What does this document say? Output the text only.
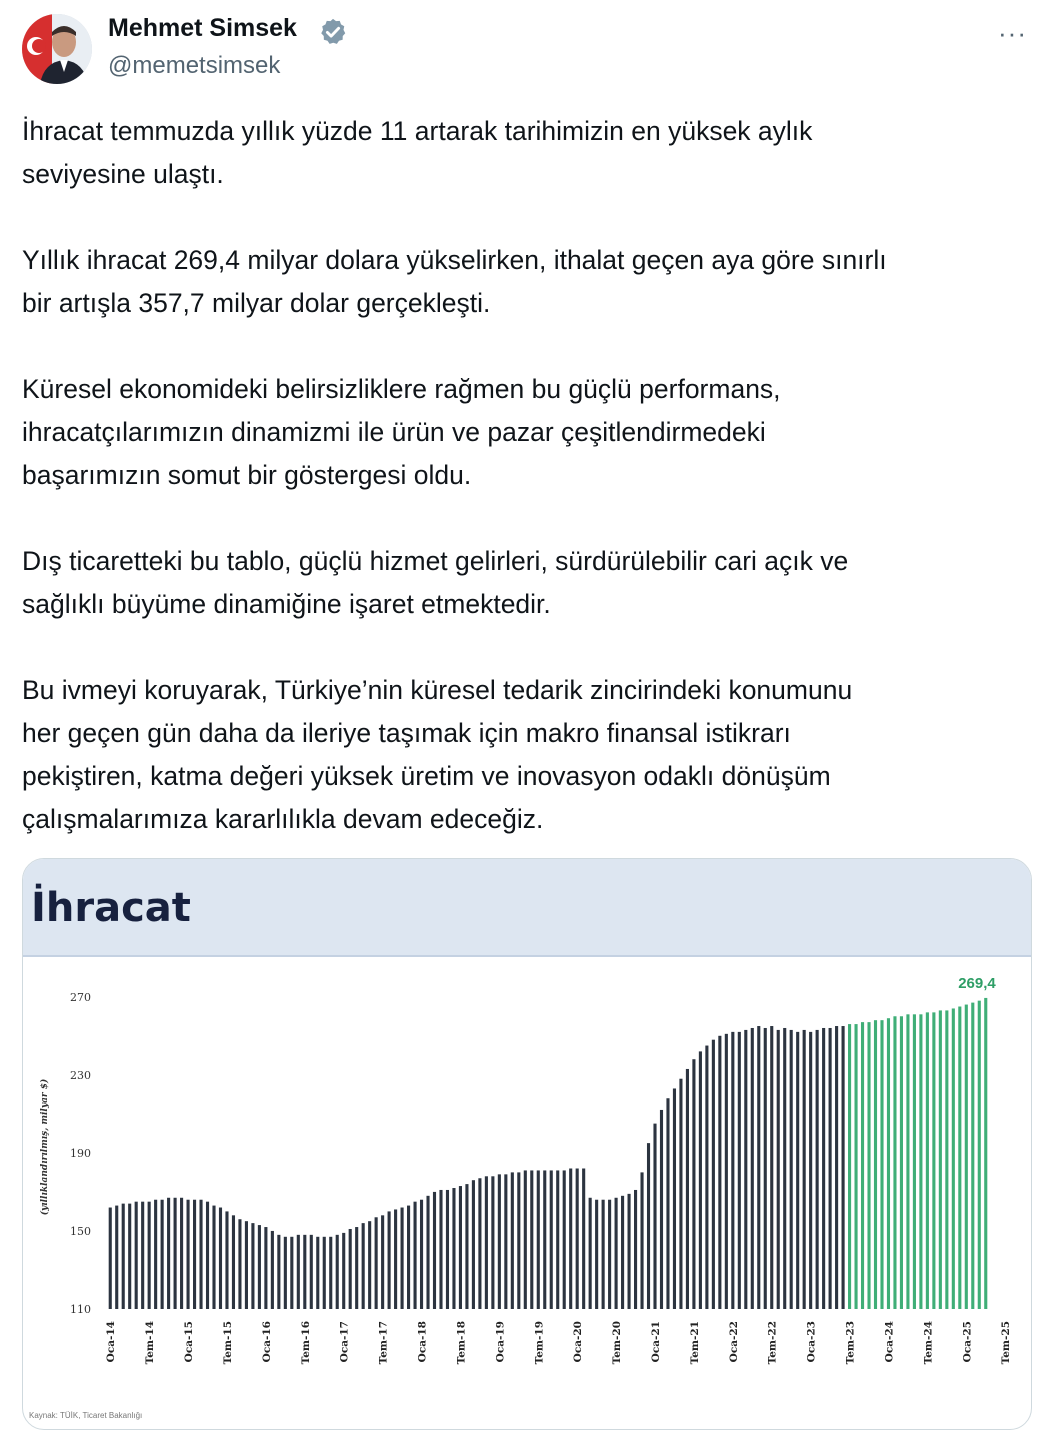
Mehmet Simsek
@memetsimsek
···

İhracat temmuzda yıllık yüzde 11 artarak tarihimizin en yüksek aylık
seviyesine ulaştı.

Yıllık ihracat 269,4 milyar dolara yükselirken, ithalat geçen aya göre sınırlı
bir artışla 357,7 milyar dolar gerçekleşti.

Küresel ekonomideki belirsizliklere rağmen bu güçlü performans,
ihracatçılarımızın dinamizmi ile ürün ve pazar çeşitlendirmedeki
başarımızın somut bir göstergesi oldu.

Dış ticaretteki bu tablo, güçlü hizmet gelirleri, sürdürülebilir cari açık ve
sağlıklı büyüme dinamiğine işaret etmektedir.

Bu ivmeyi koruyarak, Türkiye’nin küresel tedarik zincirindeki konumunu
her geçen gün daha da ileriye taşımak için makro finansal istikrarı
pekiştiren, katma değeri yüksek üretim ve inovasyon odaklı dönüşüm
çalışmalarımıza kararlılıkla devam edeceğiz.

İhracat
110
150
190
230
270
(yıllıklandırılmış, milyar $)
Oca-14	Tem-14	Oca-15	Tem-15	Oca-16	Tem-16	Oca-17	Tem-17	Oca-18	Tem-18	Oca-19	Tem-19	Oca-20	Tem-20	Oca-21	Tem-21	Oca-22	Tem-22	Oca-23	Tem-23	Oca-24	Tem-24	Oca-25	Tem-25
269,4
Kaynak: TÜİK, Ticaret Bakanlığı
